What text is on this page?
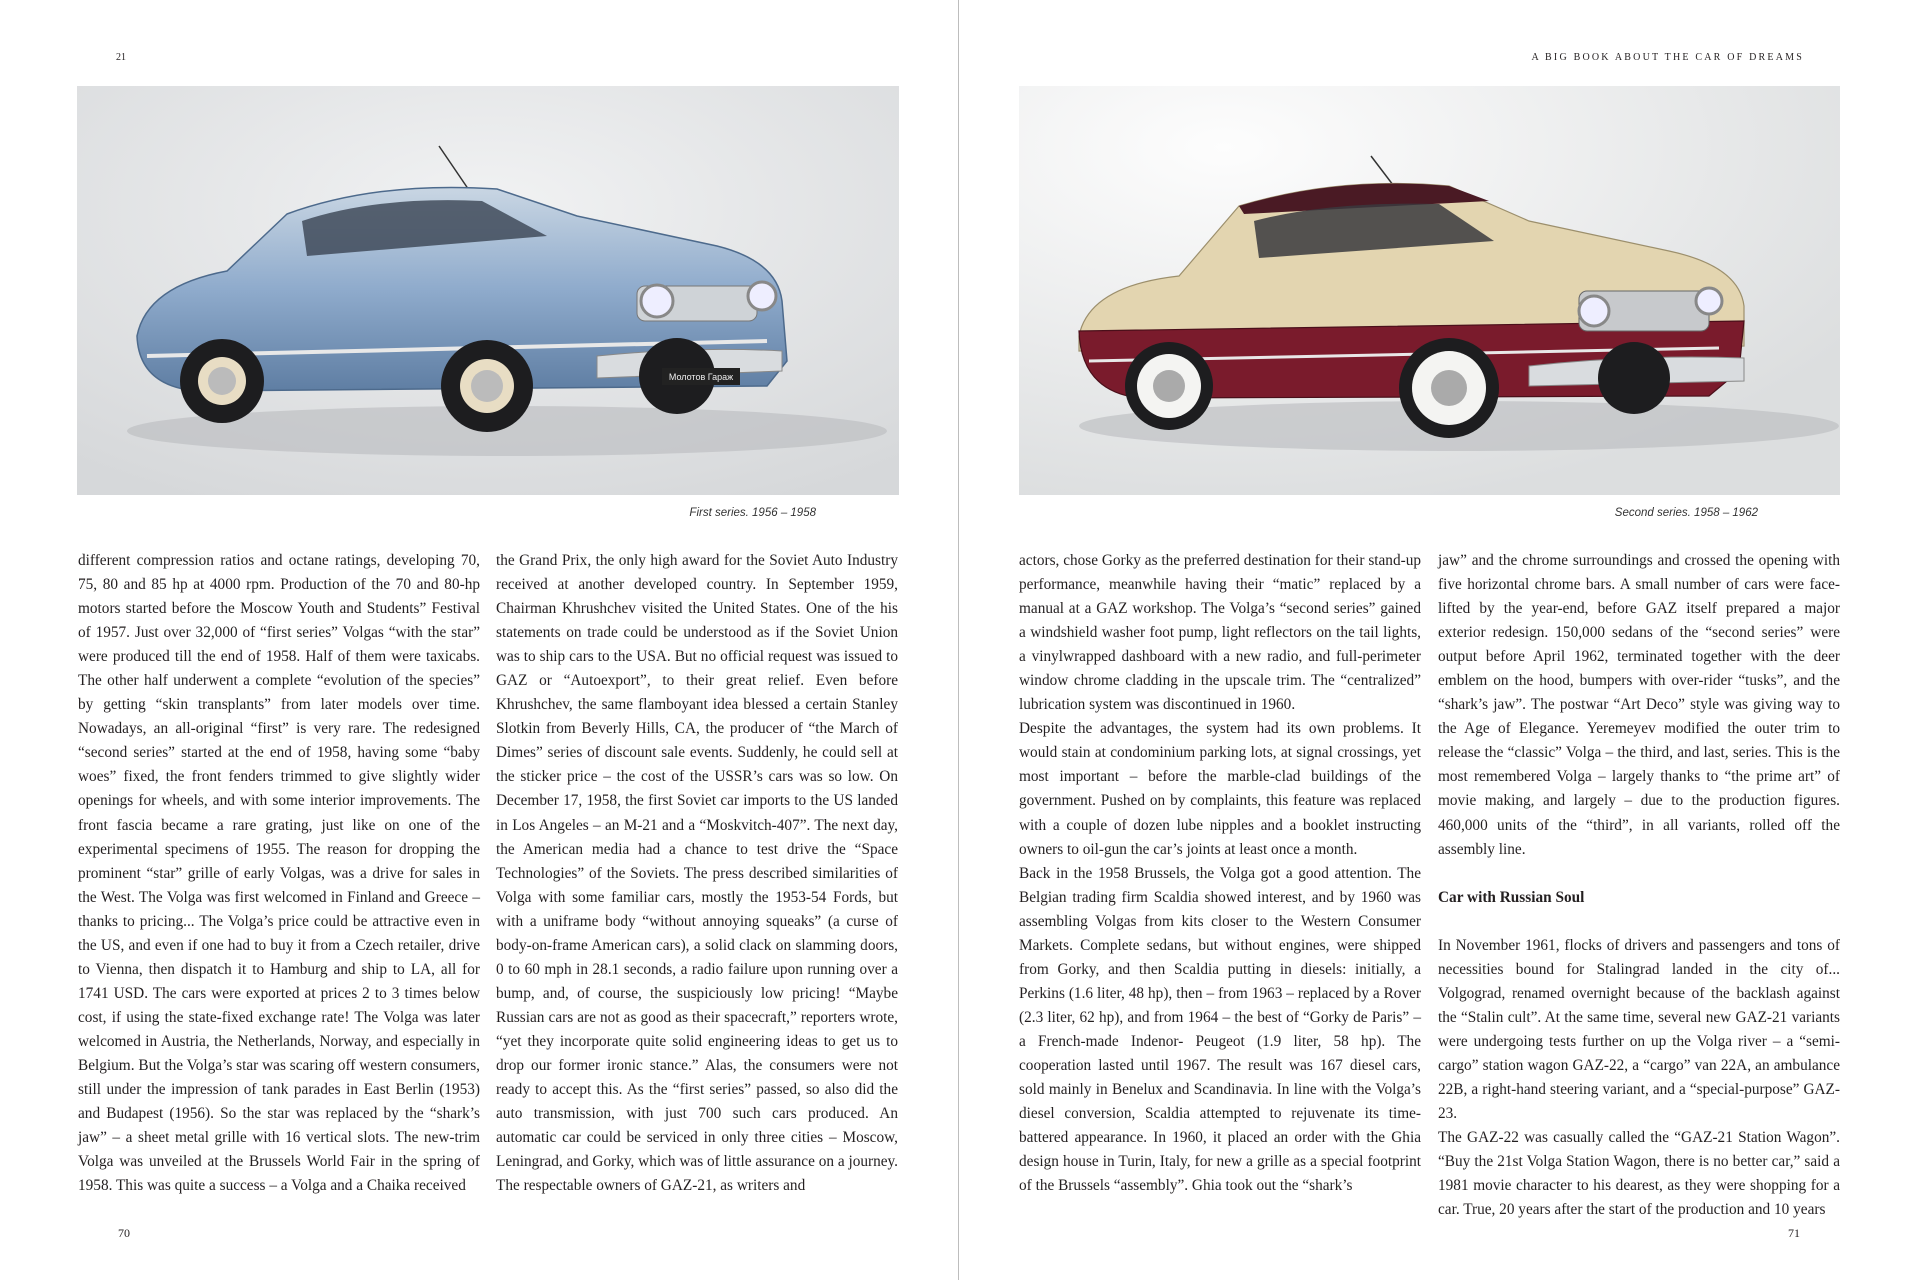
21	A BIG BOOK ABOUT THE CAR OF DREAMS
Молотов Гараж
First series. 1956 – 1958	Second series. 1958 – 1962

different compression ratios and octane ratings, developing 70, 75, 80 and 85 hp at 4000 rpm. Production of the 70 and 80-hp motors started before the Moscow Youth and Students” Festival of 1957. Just over 32,000 of “first series” Volgas “with the star” were produced till the end of 1958. Half of them were taxicabs. The other half underwent a complete “evolution of the species” by getting “skin transplants” from later models over time. Nowadays, an all-original “first” is very rare. The redesigned “second series” started at the end of 1958, having some “baby woes” fixed, the front fenders trimmed to give slightly wider openings for wheels, and with some interior improvements. The front fascia became a rare grating, just like on one of the experimental specimens of 1955. The reason for dropping the prominent “star” grille of early Volgas, was a drive for sales in the West. The Volga was first welcomed in Finland and Greece – thanks to pricing... The Volga’s price could be attractive even in the US, and even if one had to buy it from a Czech retailer, drive to Vienna, then dispatch it to Hamburg and ship to LA, all for 1741 USD. The cars were exported at prices 2 to 3 times below cost, if using the state-fixed exchange rate! The Volga was later welcomed in Austria, the Netherlands, Norway, and especially in Belgium. But the Volga’s star was scaring off western consumers, still under the impression of tank parades in East Berlin (1953) and Budapest (1956). So the star was replaced by the “shark’s jaw” – a sheet metal grille with 16 vertical slots. The new-trim Volga was unveiled at the Brussels World Fair in the spring of 1958. This was quite a success – a Volga and a Chaika received

the Grand Prix, the only high award for the Soviet Auto Industry received at another developed country. In September 1959, Chairman Khrushchev visited the United States. One of the his statements on trade could be understood as if the Soviet Union was to ship cars to the USA. But no official request was issued to GAZ or “Autoexport”, to their great relief. Even before Khrushchev, the same flamboyant idea blessed a certain Stanley Slotkin from Beverly Hills, CA, the producer of “the March of Dimes” series of discount sale events. Suddenly, he could sell at the sticker price – the cost of the USSR’s cars was so low. On December 17, 1958, the first Soviet car imports to the US landed in Los Angeles – an M-21 and a “Moskvitch-407”. The next day, the American media had a chance to test drive the “Space Technologies” of the Soviets. The press described similarities of Volga with some familiar cars, mostly the 1953-54 Fords, but with a uniframe body “without annoying squeaks” (a curse of body-on-frame American cars), a solid clack on slamming doors, 0 to 60 mph in 28.1 seconds, a radio failure upon running over a bump, and, of course, the suspiciously low pricing! “Maybe Russian cars are not as good as their spacecraft,” reporters wrote, “yet they incorporate quite solid engineering ideas to get us to drop our former ironic stance.” Alas, the consumers were not ready to accept this. As the “first series” passed, so also did the auto transmission, with just 700 such cars produced. An automatic car could be serviced in only three cities – Moscow, Leningrad, and Gorky, which was of little assurance on a journey. The respectable owners of GAZ-21, as writers and

actors, chose Gorky as the preferred destination for their stand-up performance, meanwhile having their “matic” replaced by a manual at a GAZ workshop. The Volga’s “second series” gained a windshield washer foot pump, light reflectors on the tail lights, a vinylwrapped dashboard with a new radio, and full-perimeter window chrome cladding in the upscale trim. The “centralized” lubrication system was discontinued in 1960.

Despite the advantages, the system had its own problems. It would stain at condominium parking lots, at signal crossings, yet most important – before the marble-clad buildings of the government. Pushed on by complaints, this feature was replaced with a couple of dozen lube nipples and a booklet instructing owners to oil-gun the car’s joints at least once a month.

Back in the 1958 Brussels, the Volga got a good attention. The Belgian trading firm Scaldia showed interest, and by 1960 was assembling Volgas from kits closer to the Western Consumer Markets. Complete sedans, but without engines, were shipped from Gorky, and then Scaldia putting in diesels: initially, a Perkins (1.6 liter, 48 hp), then – from 1963 – replaced by a Rover (2.3 liter, 62 hp), and from 1964 – the best of “Gorky de Paris” – a French-made Indenor- Peugeot (1.9 liter, 58 hp). The cooperation lasted until 1967. The result was 167 diesel cars, sold mainly in Benelux and Scandinavia. In line with the Volga’s diesel conversion, Scaldia attempted to rejuvenate its time-battered appearance. In 1960, it placed an order with the Ghia design house in Turin, Italy, for new a grille as a special footprint of the Brussels “assembly”. Ghia took out the “shark’s

jaw” and the chrome surroundings and crossed the opening with five horizontal chrome bars. A small number of cars were face-lifted by the year-end, before GAZ itself prepared a major exterior redesign. 150,000 sedans of the “second series” were output before April 1962, terminated together with the deer emblem on the hood, bumpers with over-rider “tusks”, and the “shark’s jaw”. The postwar “Art Deco” style was giving way to the Age of Elegance. Yeremeyev modified the outer trim to release the “classic” Volga – the third, and last, series. This is the most remembered Volga – largely thanks to “the prime art” of movie making, and largely – due to the production figures. 460,000 units of the “third”, in all variants, rolled off the assembly line.

Car with Russian Soul

In November 1961, flocks of drivers and passengers and tons of necessities bound for Stalingrad landed in the city of... Volgograd, renamed overnight because of the backlash against the “Stalin cult”. At the same time, several new GAZ-21 variants were undergoing tests further on up the Volga river – a “semi-cargo” station wagon GAZ-22, a “cargo” van 22A, an ambulance 22B, a right-hand steering variant, and a “special-purpose” GAZ-23.

The GAZ-22 was casually called the “GAZ-21 Station Wagon”. “Buy the 21st Volga Station Wagon, there is no better car,” said a 1981 movie character to his dearest, as they were shopping for a car. True, 20 years after the start of the production and 10 years

70	71
